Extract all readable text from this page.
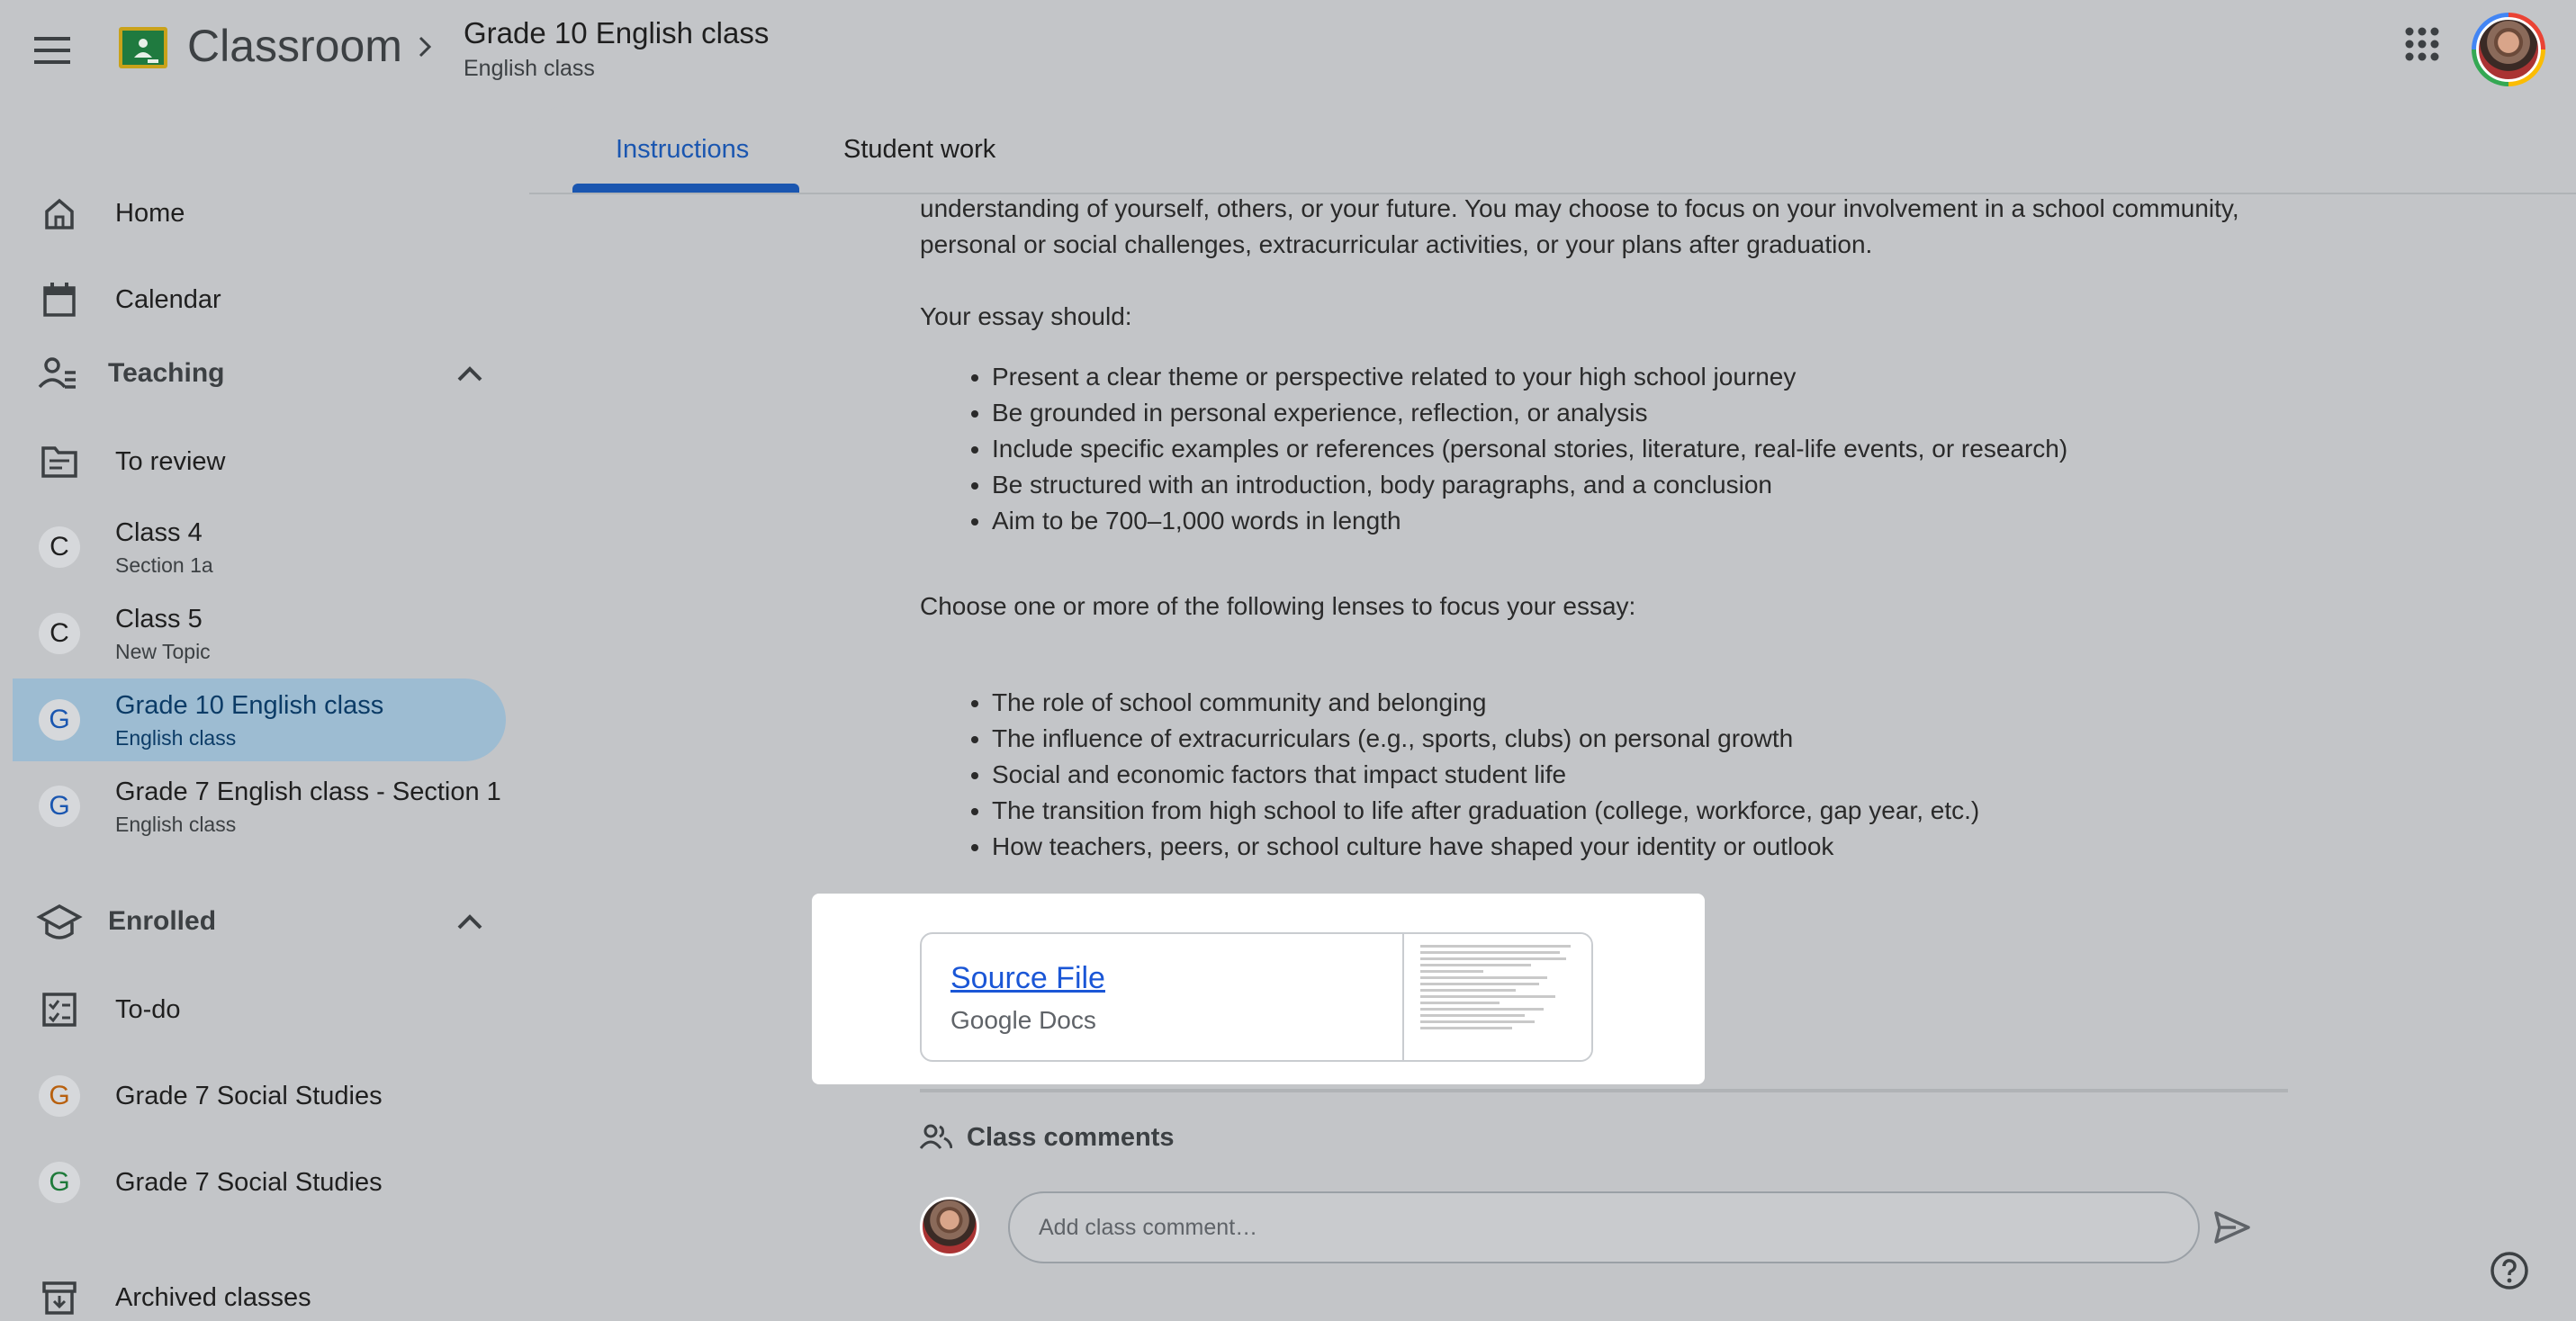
Classroom Grade 10 English class
English class
Home
Calendar
Teaching
To review
C	Class 4
Section 1a
C	Class 5
New Topic
G	Grade 10 English class
English class
G	Grade 7 English class - Section 1
English class
Enrolled
To-do
G	Grade 7 Social Studies
G	Grade 7 Social Studies
Archived classes
Instructions	Student work

understanding of yourself, others, or your future. You may choose to focus on your involvement in a school community,

personal or social challenges, extracurricular activities, or your plans after graduation.

Your essay should:

• Present a clear theme or perspective related to your high school journey
• Be grounded in personal experience, reflection, or analysis
• Include specific examples or references (personal stories, literature, real-life events, or research)
• Be structured with an introduction, body paragraphs, and a conclusion
• Aim to be 700–1,000 words in length

Choose one or more of the following lenses to focus your essay:

• The role of school community and belonging
• The influence of extracurriculars (e.g., sports, clubs) on personal growth
• Social and economic factors that impact student life
• The transition from high school to life after graduation (college, workforce, gap year, etc.)
• How teachers, peers, or school culture have shaped your identity or outlook
Source File
Google Docs
Class comments
Add class comment…
